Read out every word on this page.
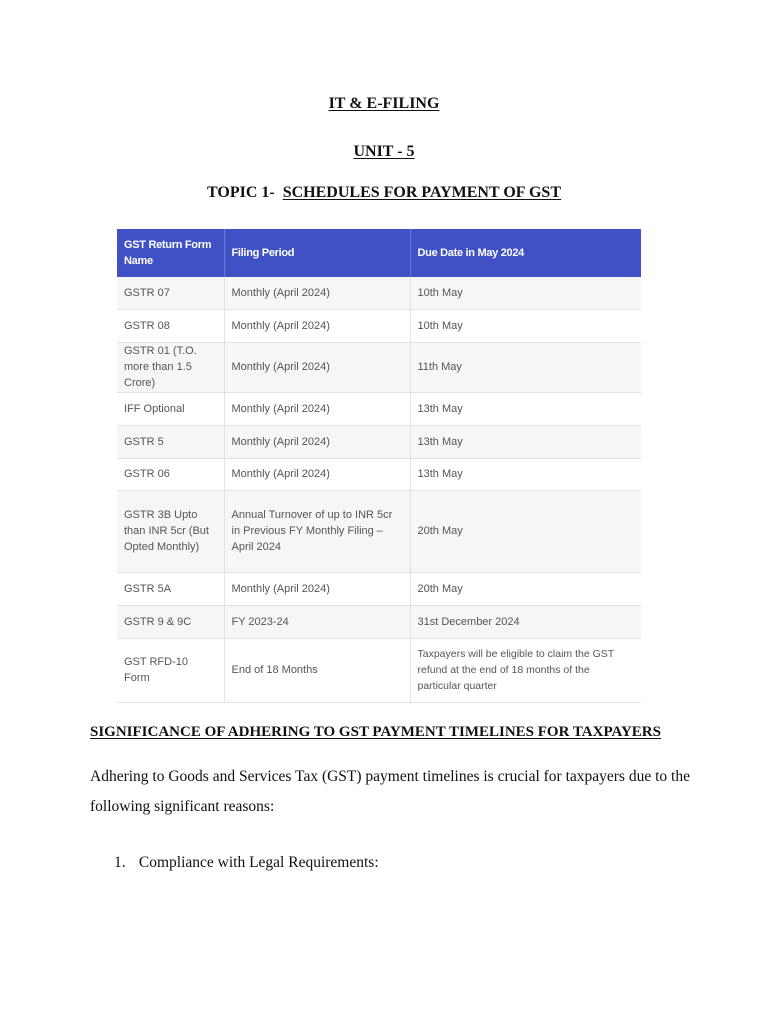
IT & E-FILING
UNIT - 5
TOPIC 1- SCHEDULES FOR PAYMENT OF GST
GST Return Form Name	Filing Period	Due Date in May 2024
GSTR 07	Monthly (April 2024)	10th May
GSTR 08	Monthly (April 2024)	10th May
GSTR 01 (T.O. more than 1.5 Crore)	Monthly (April 2024)	11th May
IFF Optional	Monthly (April 2024)	13th May
GSTR 5	Monthly (April 2024)	13th May
GSTR 06	Monthly (April 2024)	13th May
GSTR 3B Upto than INR 5cr (But Opted Monthly)	Annual Turnover of up to INR 5cr in Previous FY Monthly Filing – April 2024	20th May
GSTR 5A	Monthly (April 2024)	20th May
GSTR 9 & 9C	FY 2023-24	31st December 2024
GST RFD-10 Form	End of 18 Months	Taxpayers will be eligible to claim the GST refund at the end of 18 months of the particular quarter
SIGNIFICANCE OF ADHERING TO GST PAYMENT TIMELINES FOR TAXPAYERS

Adhering to Goods and Services Tax (GST) payment timelines is crucial for taxpayers due to the following significant reasons:

1. Compliance with Legal Requirements:
